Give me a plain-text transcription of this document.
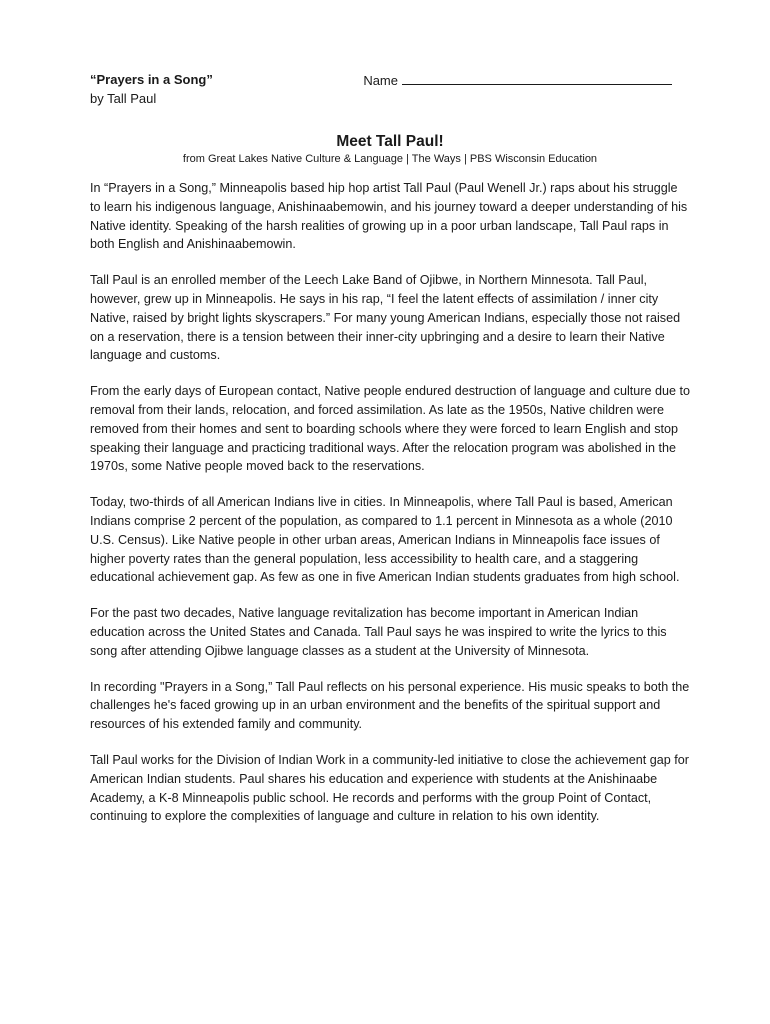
“Prayers in a Song”
by Tall Paul
Name
Meet Tall Paul!
from Great Lakes Native Culture & Language | The Ways | PBS Wisconsin Education

In “Prayers in a Song,” Minneapolis based hip hop artist Tall Paul (Paul Wenell Jr.) raps about his struggle to learn his indigenous language, Anishinaabemowin, and his journey toward a deeper understanding of his Native identity. Speaking of the harsh realities of growing up in a poor urban landscape, Tall Paul raps in both English and Anishinaabemowin.

Tall Paul is an enrolled member of the Leech Lake Band of Ojibwe, in Northern Minnesota. Tall Paul, however, grew up in Minneapolis. He says in his rap, “I feel the latent effects of assimilation / inner city Native, raised by bright lights skyscrapers.” For many young American Indians, especially those not raised on a reservation, there is a tension between their inner-city upbringing and a desire to learn their Native language and customs.

From the early days of European contact, Native people endured destruction of language and culture due to removal from their lands, relocation, and forced assimilation. As late as the 1950s, Native children were removed from their homes and sent to boarding schools where they were forced to learn English and stop speaking their language and practicing traditional ways. After the relocation program was abolished in the 1970s, some Native people moved back to the reservations.

Today, two-thirds of all American Indians live in cities. In Minneapolis, where Tall Paul is based, American Indians comprise 2 percent of the population, as compared to 1.1 percent in Minnesota as a whole (2010 U.S. Census). Like Native people in other urban areas, American Indians in Minneapolis face issues of higher poverty rates than the general population, less accessibility to health care, and a staggering educational achievement gap. As few as one in five American Indian students graduates from high school.

For the past two decades, Native language revitalization has become important in American Indian education across the United States and Canada. Tall Paul says he was inspired to write the lyrics to this song after attending Ojibwe language classes as a student at the University of Minnesota.

In recording "Prayers in a Song,” Tall Paul reflects on his personal experience. His music speaks to both the challenges he's faced growing up in an urban environment and the benefits of the spiritual support and resources of his extended family and community.

Tall Paul works for the Division of Indian Work in a community-led initiative to close the achievement gap for American Indian students. Paul shares his education and experience with students at the Anishinaabe Academy, a K-8 Minneapolis public school. He records and performs with the group Point of Contact, continuing to explore the complexities of language and culture in relation to his own identity.
